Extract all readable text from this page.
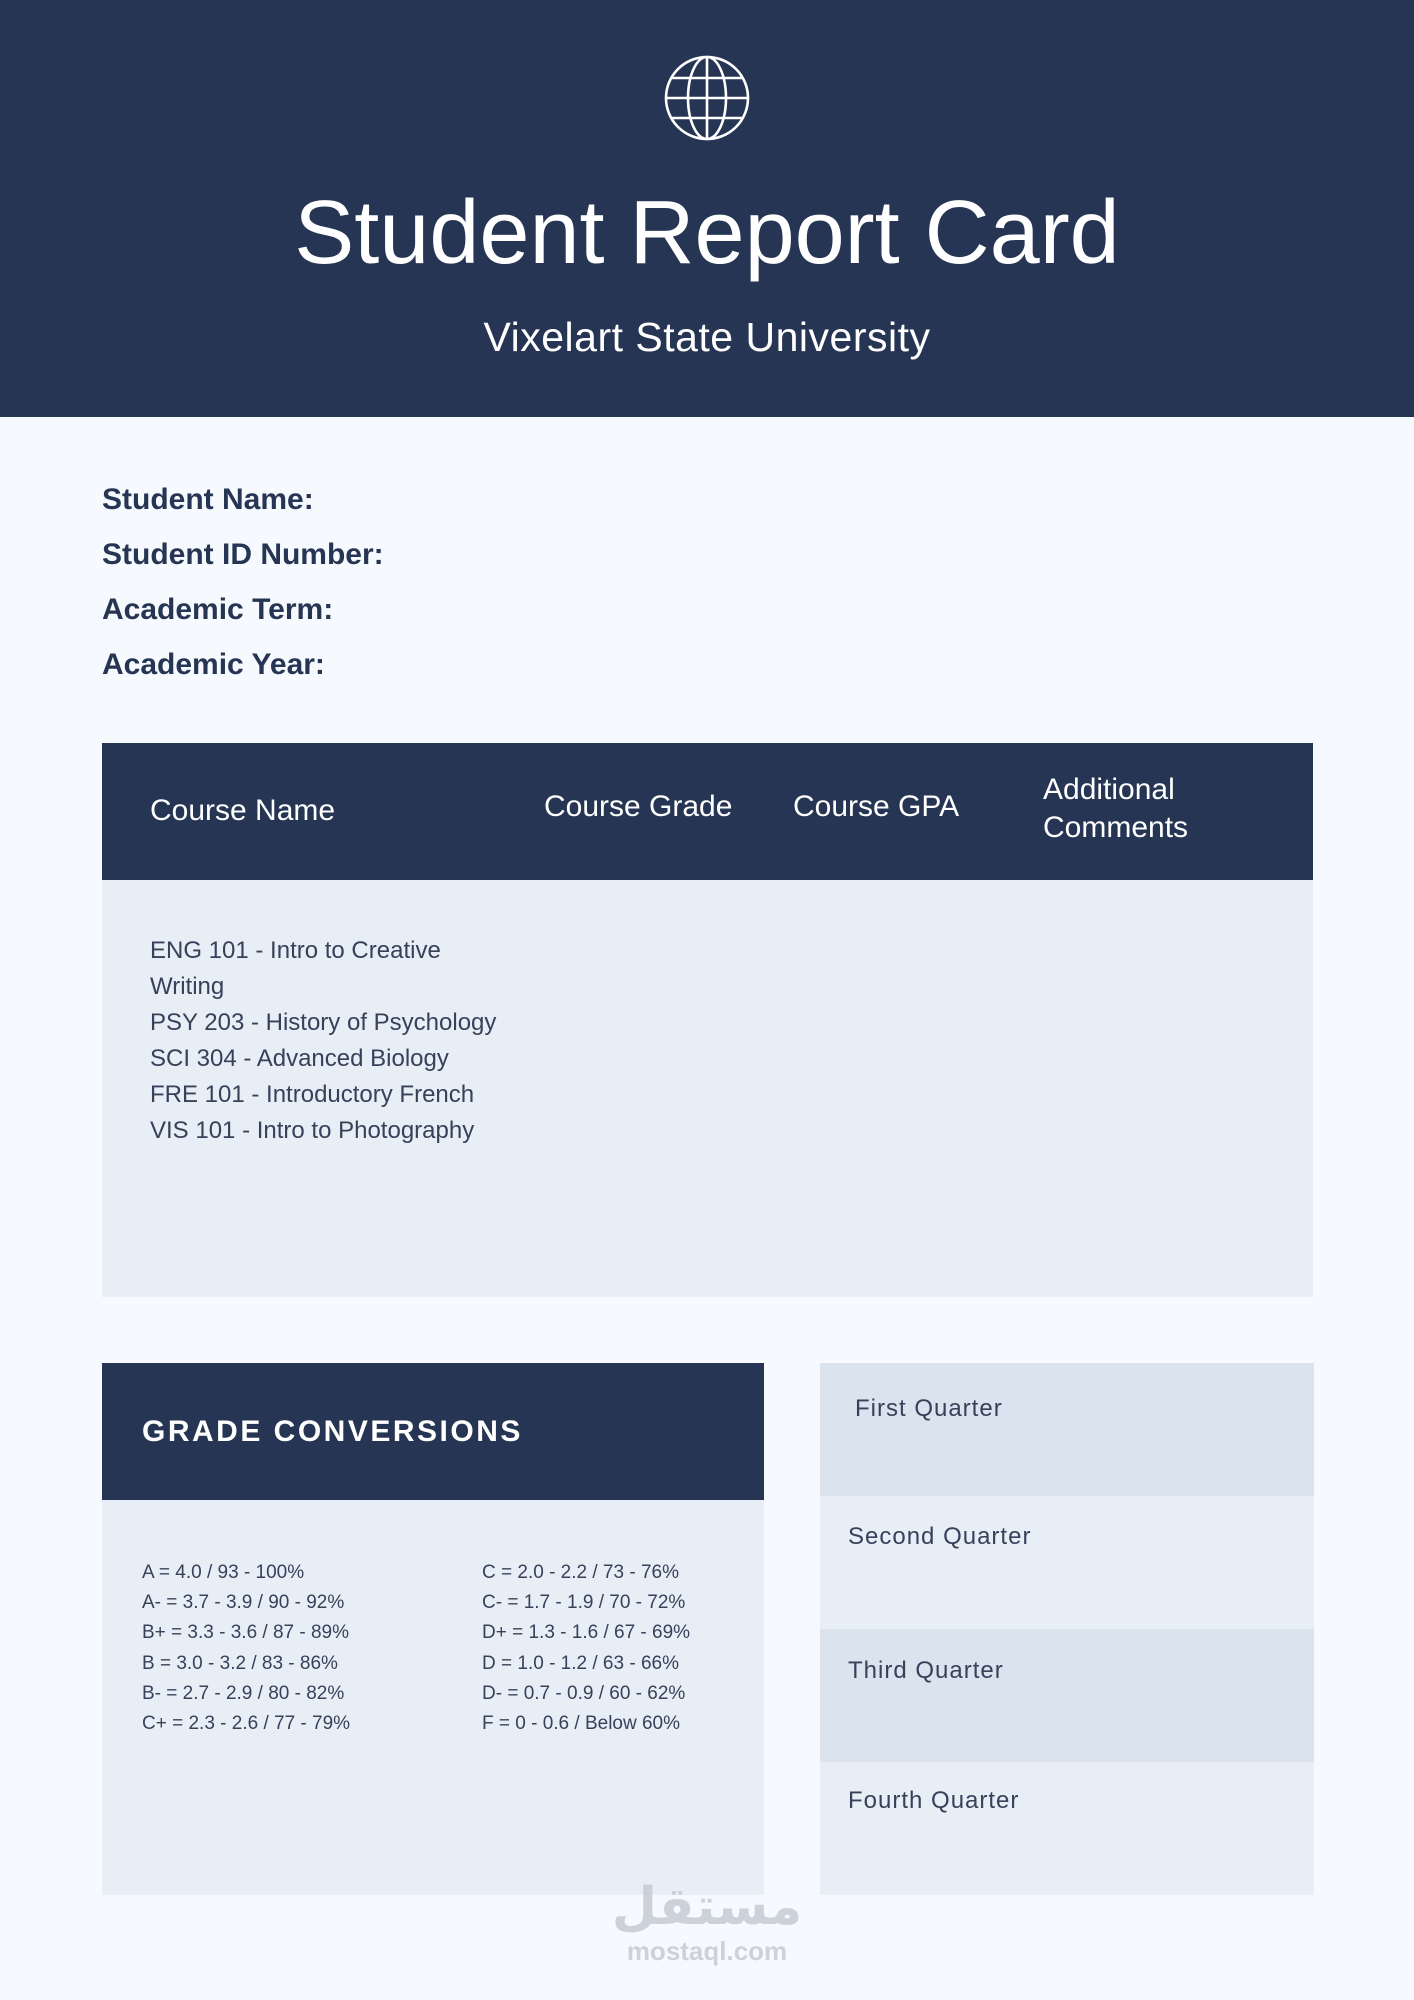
Student Report Card
Vixelart State University
Student Name:
Student ID Number:
Academic Term:
Academic Year:
Course Name	Course Grade Course GPA
Additional Comments
ENG 101 - Intro to Creative Writing
PSY 203 - History of Psychology
SCI 304 - Advanced Biology
FRE 101 - Introductory French
VIS 101 - Intro to Photography
GRADE CONVERSIONS
A = 4.0 / 93 - 100%
A- = 3.7 - 3.9 / 90 - 92%
B+ = 3.3 - 3.6 / 87 - 89%
B = 3.0 - 3.2 / 83 - 86%
B- = 2.7 - 2.9 / 80 - 82%
C+ = 2.3 - 2.6 / 77 - 79%
C = 2.0 - 2.2 / 73 - 76%
C- = 1.7 - 1.9 / 70 - 72%
D+ = 1.3 - 1.6 / 67 - 69%
D = 1.0 - 1.2 / 63 - 66%
D- = 0.7 - 0.9 / 60 - 62%
F = 0 - 0.6 / Below 60%
First Quarter
Second Quarter
Third Quarter
Fourth Quarter
مستقل
mostaql.com
